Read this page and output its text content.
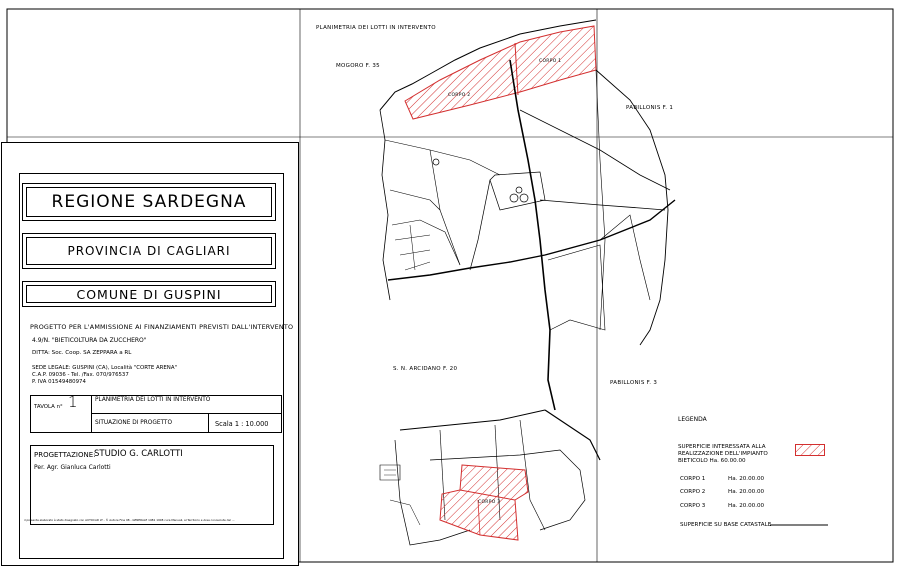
PLANIMETRIA DEI LOTTI IN INTERVENTO
MOGORO F. 35
PABILLONIS F. 1
S. N. ARCIDANO F. 20
PABILLONIS F. 3
CORPO 1
CORPO 2
CORPO 3
LEGENDA
SUPERFICIE INTERESSATA ALLA
REALIZZAZIONE DELL'IMPIANTO
BIETICOLO Ha. 60.00.00
CORPO 1	Ha. 20.00.00
CORPO 2	Ha. 20.00.00
CORPO 3	Ha. 20.00.00
SUPERFICIE SU BASE CATASTALE
REGIONE SARDEGNA
PROVINCIA DI CAGLIARI
COMUNE DI GUSPINI
PROGETTO PER L'AMMISSIONE AI FINANZIAMENTI PREVISTI DALL'INTERVENTO
4.9/N. "BIETICOLTURA DA ZUCCHERO"
DITTA: Soc. Coop. SA ZEPPARA a RL
SEDE LEGALE: GUSPINI (CA), Località "CORTE ARENA"
C.A.P. 09036 - Tel. /Fax. 070/976537
P. IVA 01549480974
TAVOLA n° 1	PLANIMETRIA DEI LOTTI IN INTERVENTO
SITUAZIONE DI PROGETTO	Scala 1 : 10.000
PROGETTAZIONE:
STUDIO G. CARLOTTI
Per. Agr. Gianluca Carlotti
il presente elaborato è stato disegnato con AUTOCAD LT - © Autore Fine 98 - GENERALE 14B1 1908 cura Manuali, al Territorio e Aree conosciute del ...
